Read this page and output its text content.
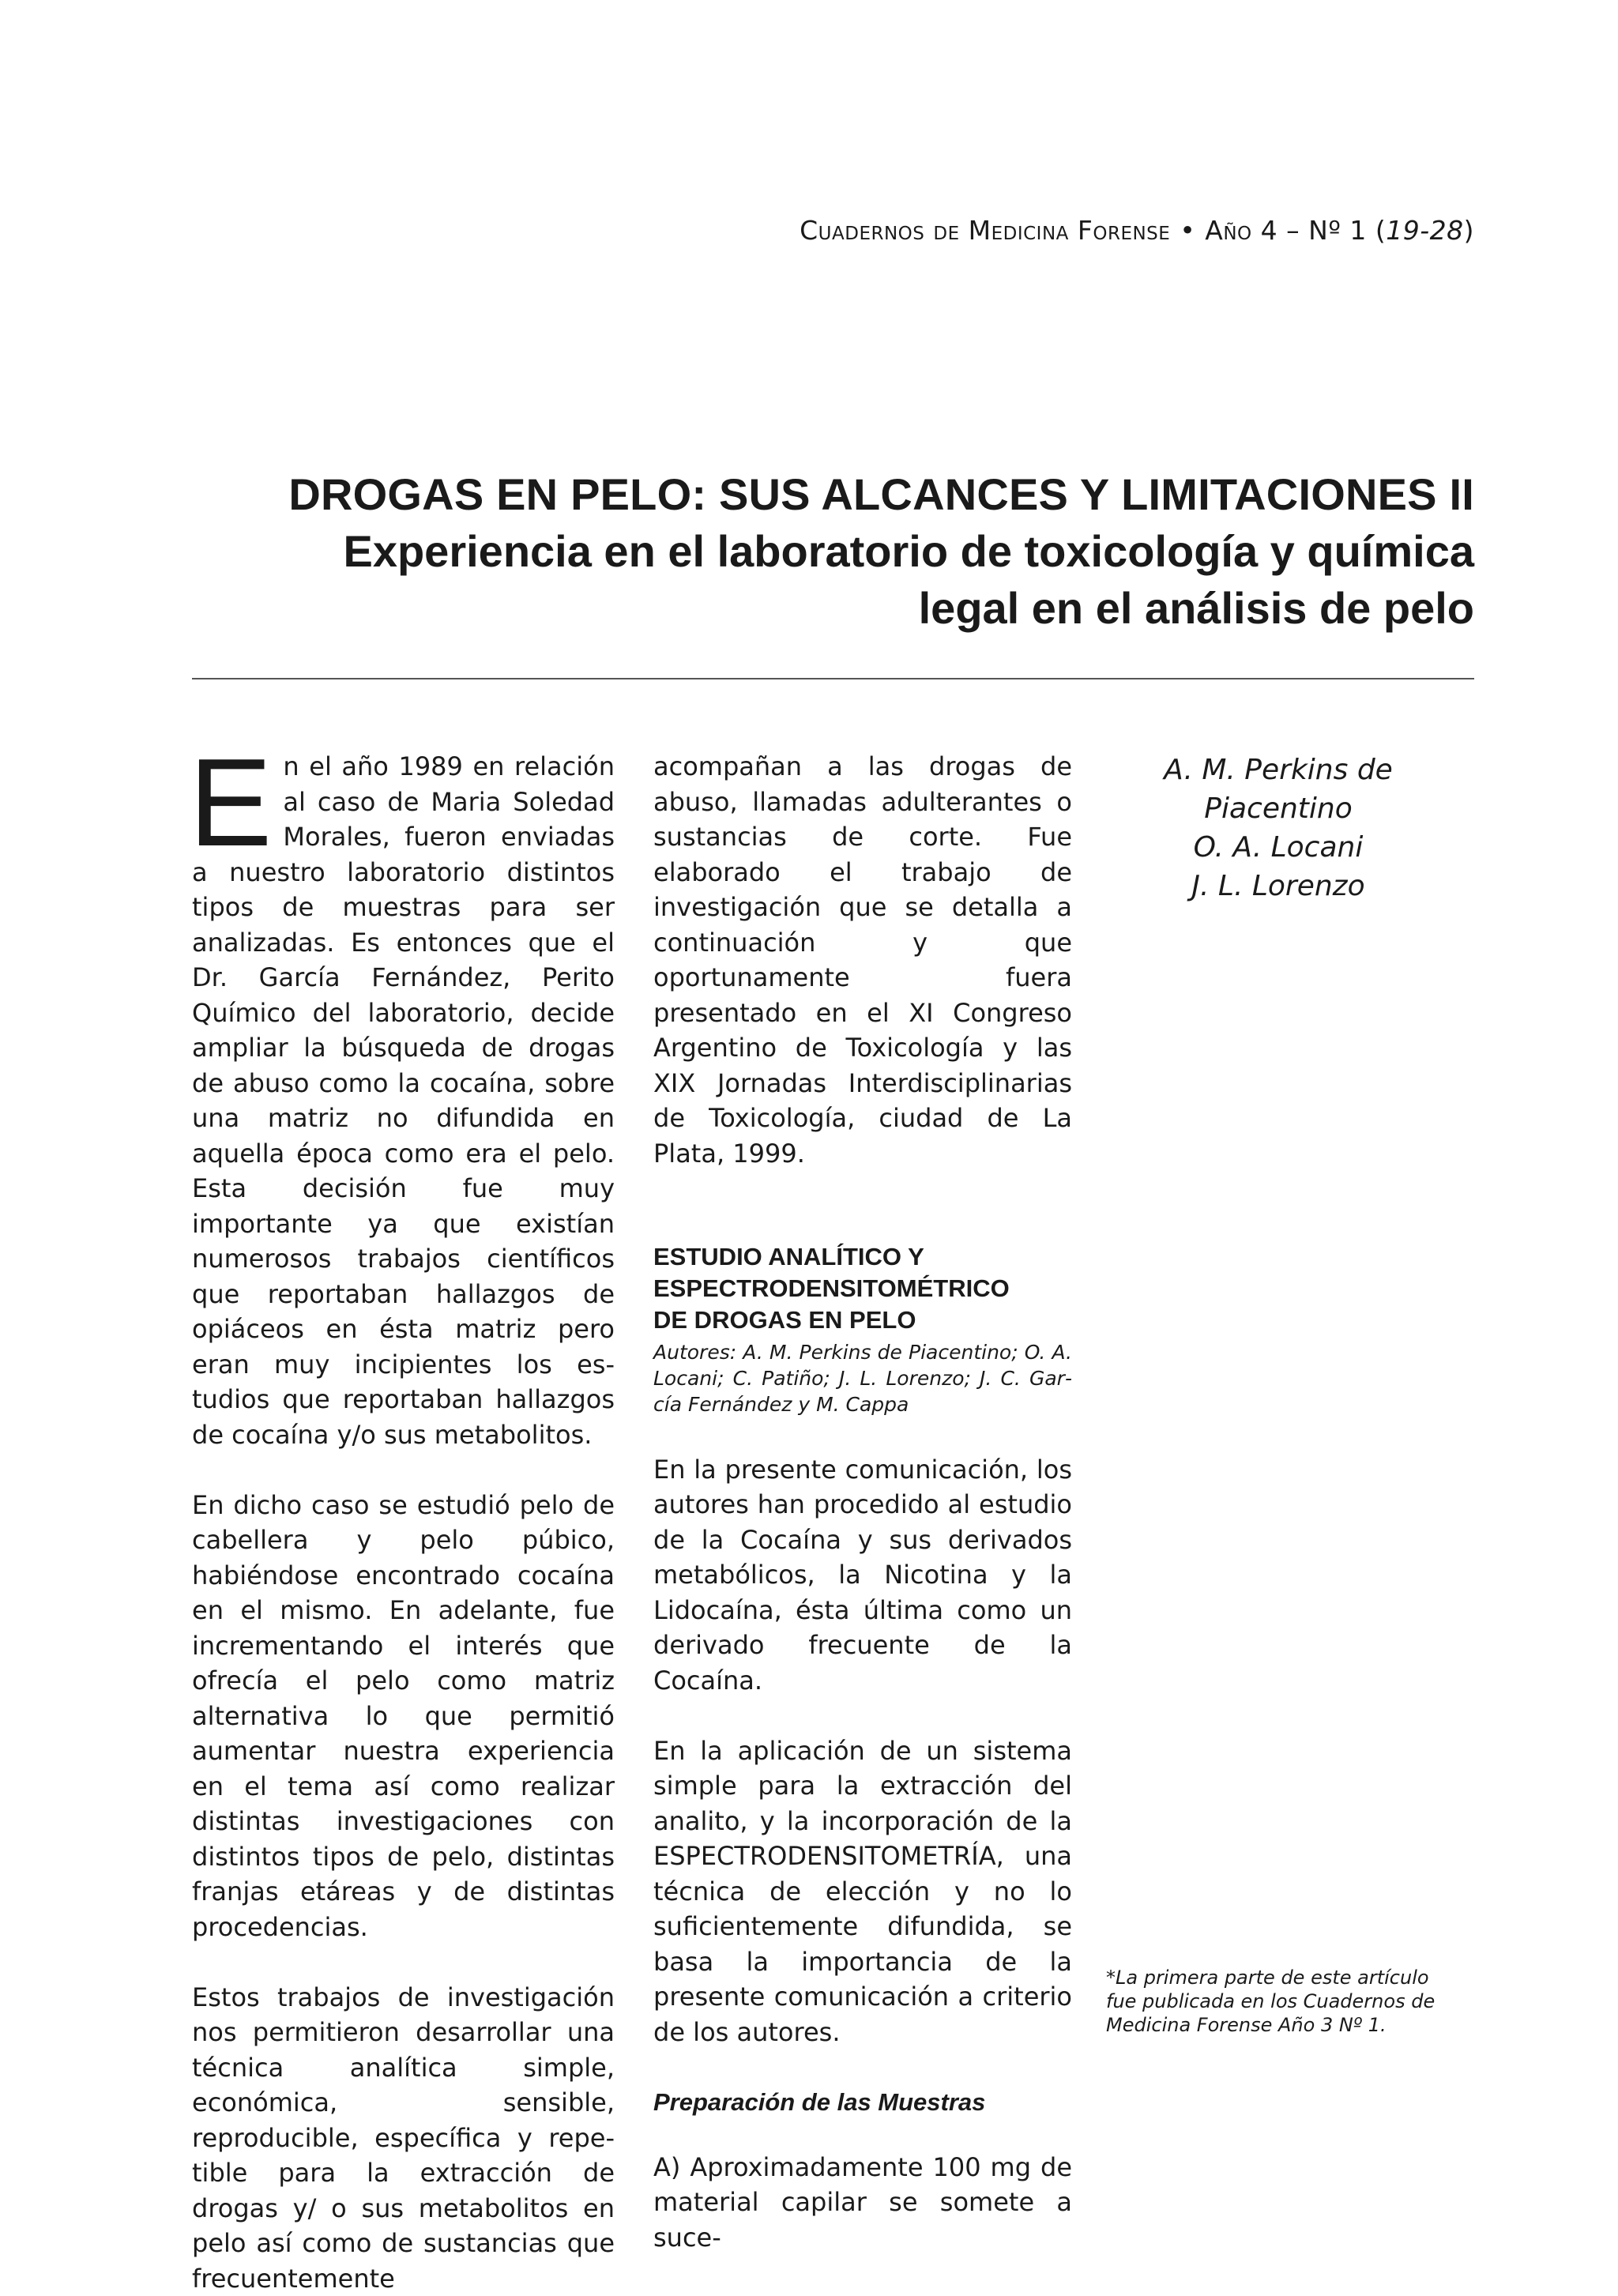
Cuadernos de Medicina Forense • Año 4 – Nº 1 (19-28)
DROGAS EN PELO: SUS ALCANCES Y LIMITACIONES II
Experiencia en el laboratorio de toxicología y química
legal en el análisis de pelo

En el año 1989 en relación al caso de Maria Soledad Morales, fueron enviadas a nuestro laboratorio distintos tipos de muestras para ser analizadas. Es entonces que el Dr. García Fernández, Perito Químico del laboratorio, decide ampliar la búsqueda de drogas de abuso como la cocaína, sobre una matriz no difundida en aquella época como era el pelo. Esta decisión fue muy importante ya que existían numerosos trabajos científicos que reportaban hallazgos de opiáceos en ésta matriz pero eran muy incipientes los estudios que reportaban hallazgos de cocaína y/o sus metabolitos.

En dicho caso se estudió pelo de cabellera y pelo púbico, habiéndose encontrado cocaína en el mismo. En adelante, fue incrementando el interés que ofrecía el pelo como matriz alternativa lo que permitió aumentar nuestra experiencia en el tema así como realizar distintas investigaciones con distintos tipos de pelo, distintas franjas etáreas y de distintas procedencias.

Estos trabajos de investigación nos permitieron desarrollar una técnica analítica simple, económica, sensible, reproducible, específica y repetible para la extracción de drogas y/ o sus metabolitos en pelo así como de sustancias que frecuentemente

acompañan a las drogas de abuso, llamadas adulterantes o sustancias de corte. Fue elaborado el trabajo de investigación que se detalla a continuación y que oportunamente fuera presentado en el XI Congreso Argentino de Toxicología y las XIX Jornadas Interdisciplinarias de Toxicología, ciudad de La Plata, 1999.

ESTUDIO ANALÍTICO Y
ESPECTRODENSITOMÉTRICO
DE DROGAS EN PELO

Autores: A. M. Perkins de Piacentino; O. A. Locani; C. Patiño; J. L. Lorenzo; J. C. García Fernández y M. Cappa

En la presente comunicación, los autores han procedido al estudio de la Cocaína y sus derivados metabólicos, la Nicotina y la Lidocaína, ésta última como un derivado frecuente de la Cocaína.

En la aplicación de un sistema simple para la extracción del analito, y la incorporación de la ESPECTRODENSITOMETRÍA, una técnica de elección y no lo suficientemente difundida, se basa la importancia de la presente comunicación a criterio de los autores.

Preparación de las Muestras

A) Aproximadamente 100 mg de material capilar se somete a suce-

A. M. Perkins de
Piacentino
O. A. Locani
J. L. Lorenzo
*La primera parte de este artículo fue publicada en los Cuadernos de Medicina Forense Año 3 Nº 1.
